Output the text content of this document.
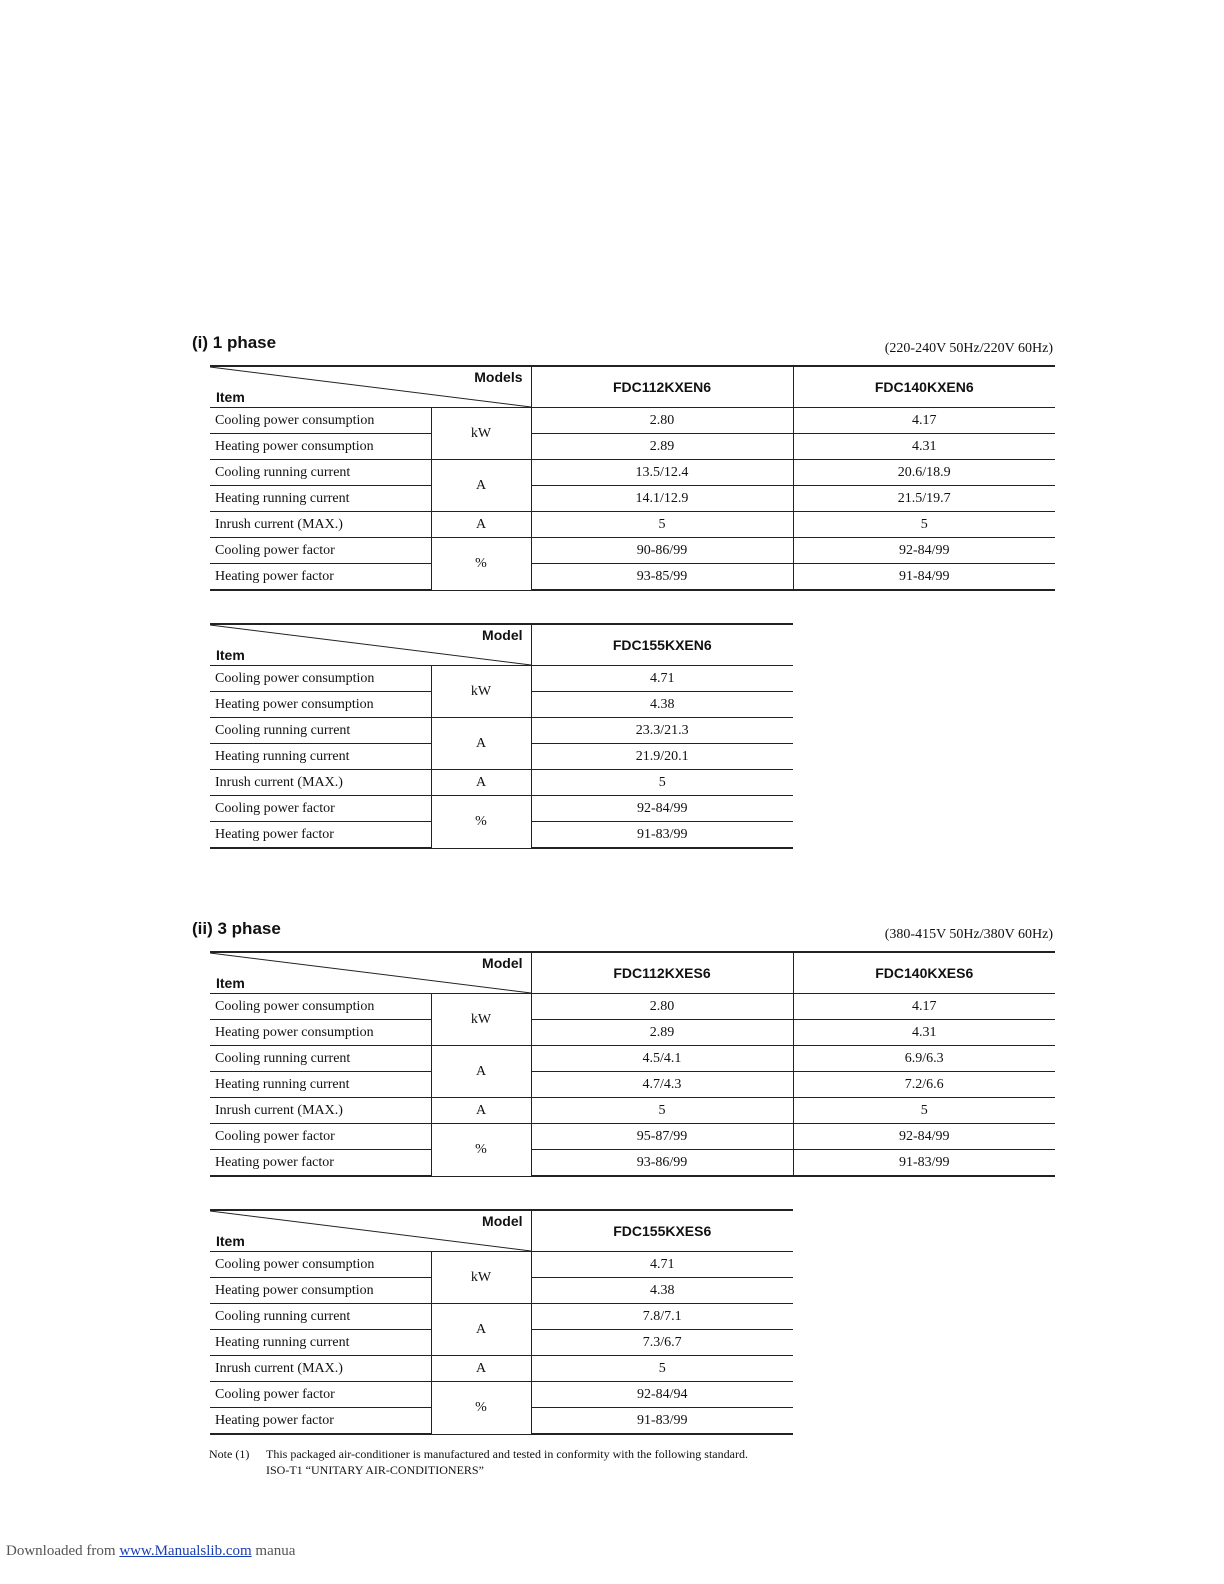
(i) 1 phase	(220-240V 50Hz/220V 60Hz)
Models
Item		FDC112KXEN6	FDC140KXEN6
Cooling power consumption	kW	2.80	4.17
Heating power consumption		2.89	4.31
Cooling running current	A	13.5/12.4	20.6/18.9
Heating running current		14.1/12.9	21.5/19.7
Inrush current (MAX.)	A	5	5
Cooling power factor	%	90-86/99	92-84/99
Heating power factor		93-85/99	91-84/99
Model
Item		FDC155KXEN6
Cooling power consumption	kW	4.71
Heating power consumption		4.38
Cooling running current	A	23.3/21.3
Heating running current		21.9/20.1
Inrush current (MAX.)	A	5
Cooling power factor	%	92-84/99
Heating power factor		91-83/99
(ii) 3 phase	(380-415V 50Hz/380V 60Hz)
Model
Item		FDC112KXES6	FDC140KXES6
Cooling power consumption	kW	2.80	4.17
Heating power consumption		2.89	4.31
Cooling running current	A	4.5/4.1	6.9/6.3
Heating running current		4.7/4.3	7.2/6.6
Inrush current (MAX.)	A	5	5
Cooling power factor	%	95-87/99	92-84/99
Heating power factor		93-86/99	91-83/99
Model
Item		FDC155KXES6
Cooling power consumption	kW	4.71
Heating power consumption		4.38
Cooling running current	A	7.8/7.1
Heating running current		7.3/6.7
Inrush current (MAX.)	A	5
Cooling power factor	%	92-84/94
Heating power factor		91-83/99
Note (1) This packaged air-conditioner is manufactured and tested in conformity with the following standard.
ISO-T1 “UNITARY AIR-CONDITIONERS”
Downloaded from www.Manualslib.com manua
